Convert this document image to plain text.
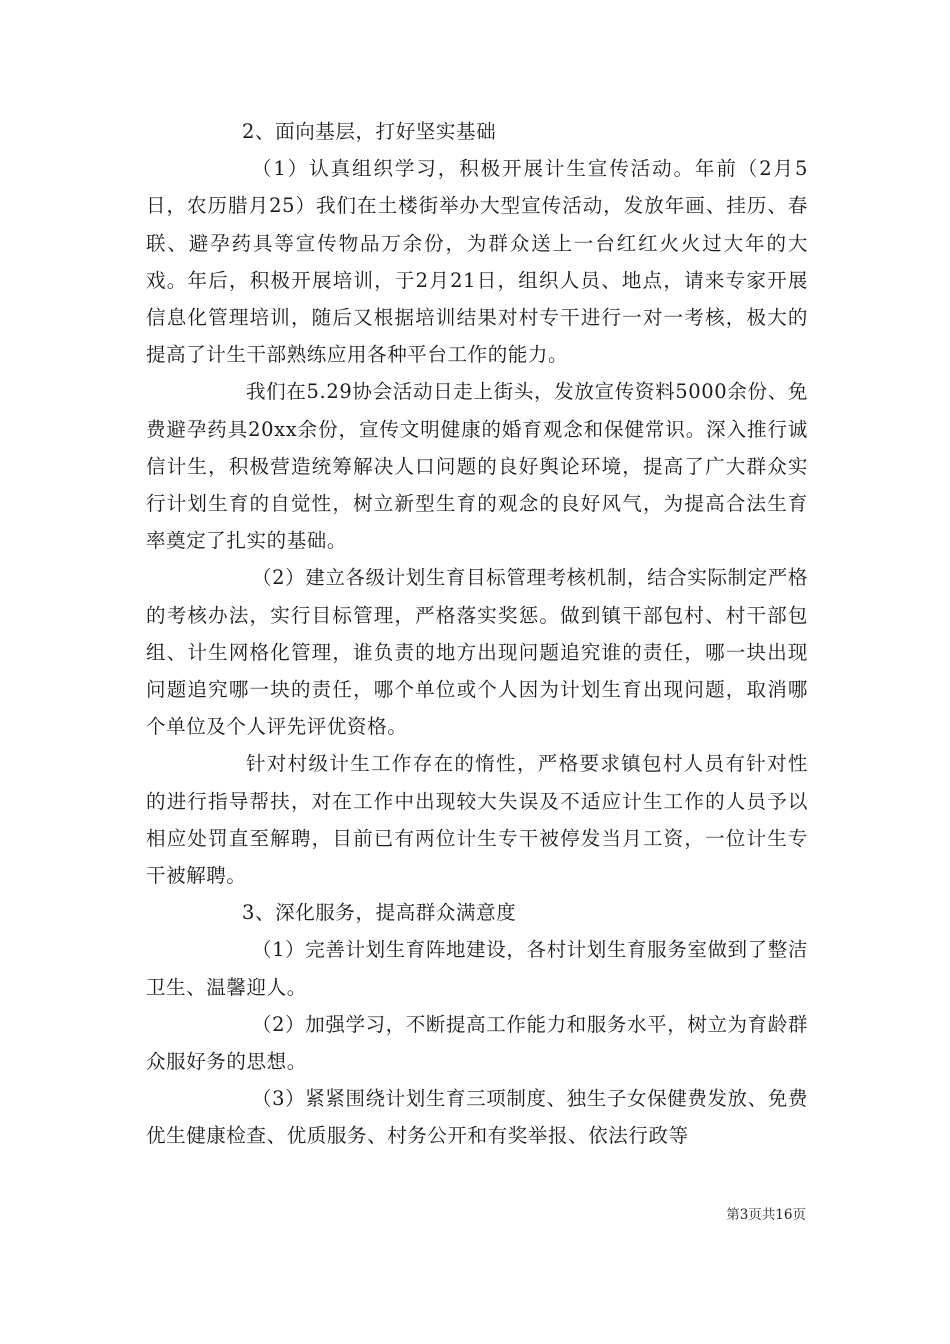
2、面向基层，打好坚实基础

（1）认真组织学习，积极开展计生宣传活动。年前（2月5日，农历腊月25）我们在土楼街举办大型宣传活动，发放年画、挂历、春联、避孕药具等宣传物品万余份，为群众送上一台红红火火过大年的大戏。年后，积极开展培训，于2月21日，组织人员、地点，请来专家开展信息化管理培训，随后又根据培训结果对村专干进行一对一考核，极大的提高了计生干部熟练应用各种平台工作的能力。

我们在5.29协会活动日走上街头，发放宣传资料5000余份、免费避孕药具20xx余份，宣传文明健康的婚育观念和保健常识。深入推行诚信计生，积极营造统筹解决人口问题的良好舆论环境，提高了广大群众实行计划生育的自觉性，树立新型生育的观念的良好风气，为提高合法生育率奠定了扎实的基础。

（2）建立各级计划生育目标管理考核机制，结合实际制定严格的考核办法，实行目标管理，严格落实奖惩。做到镇干部包村、村干部包组、计生网格化管理，谁负责的地方出现问题追究谁的责任，哪一块出现问题追究哪一块的责任，哪个单位或个人因为计划生育出现问题，取消哪个单位及个人评先评优资格。

针对村级计生工作存在的惰性，严格要求镇包村人员有针对性的进行指导帮扶，对在工作中出现较大失误及不适应计生工作的人员予以相应处罚直至解聘，目前已有两位计生专干被停发当月工资，一位计生专干被解聘。

3、深化服务，提高群众满意度

（1）完善计划生育阵地建设，各村计划生育服务室做到了整洁卫生、温馨迎人。

（2）加强学习，不断提高工作能力和服务水平，树立为育龄群众服好务的思想。

（3）紧紧围绕计划生育三项制度、独生子女保健费发放、免费优生健康检查、优质服务、村务公开和有奖举报、依法行政等

第3页共16页
